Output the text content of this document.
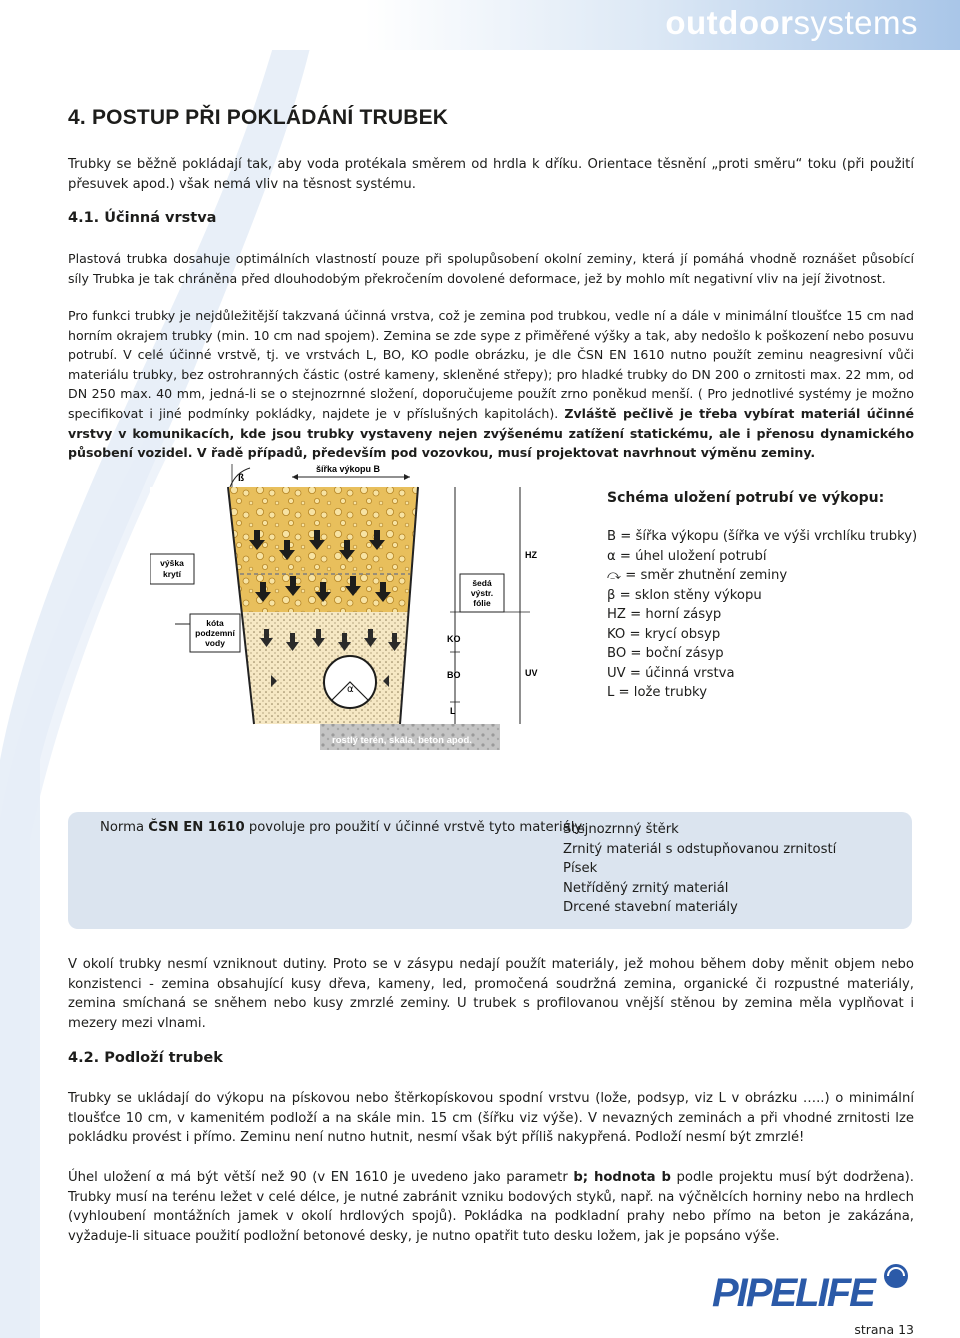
outdoorsystems
4. POSTUP PŘI POKLÁDÁNÍ TRUBEK
Trubky se běžně pokládají tak, aby voda protékala směrem od hrdla k dříku. Orientace těsnění „proti směru“ toku (při použití přesuvek apod.) však nemá vliv na těsnost systému.
4.1. Účinná vrstva
Plastová trubka dosahuje optimálních vlastností pouze při spolupůsobení okolní zeminy, která jí pomáhá vhodně roznášet působící síly Trubka je tak chráněna před dlouhodobým překročením dovolené deformace, jež by mohlo mít negativní vliv na její životnost.
Pro funkci trubky je nejdůležitější takzvaná účinná vrstva, což je zemina pod trubkou, vedle ní a dále v minimální tloušťce 15 cm nad horním okrajem trubky (min. 10 cm nad spojem). Zemina se zde sype z přiměřené výšky a tak, aby nedošlo k poškození nebo posuvu potrubí. V celé účinné vrstvě, tj. ve vrstvách L, BO, KO podle obrázku, je dle ČSN EN 1610 nutno použít zeminu neagresivní vůči materiálu trubky, bez ostrohranných částic (ostré kameny, skleněné střepy); pro hladké trubky do DN 200 o zrnitosti max. 22 mm, od DN 250 max. 40 mm, jedná-li se o stejnozrnné složení, doporučujeme použít zrno poněkud menší. ( Pro jednotlivé systémy je možno specifikovat i jiné podmínky pokládky, najdete je v příslušných kapitolách). Zvláště pečlivě je třeba vybírat materiál účinné vrstvy v komunikacích, kde jsou trubky vystaveny nejen zvýšenému zatížení statickému, ale i přenosu dynamického působení vozidel. V řadě případů, především pod vozovkou, musí projektovat navrhnout výměnu zeminy.
α
šířka výkopu B
ß
výška
krytí
kóta
podzemní
vody
šedá
výstr.
fólie
HZ
KO
BO	UV
L
rostlý terén, skála, beton apod.
Schéma uložení potrubí ve výkopu:
B = šířka výkopu (šířka ve výši vrchlíku trubky)
α = úhel uložení potrubí
⤼ = směr zhutnění zeminy
β = sklon stěny výkopu
HZ = horní zásyp
KO = krycí obsyp
BO = boční zásyp
UV = účinná vrstva
L = lože trubky
Norma ČSN EN 1610 povoluje pro použití v účinné vrstvě tyto materiály:
Stejnozrnný štěrk
Zrnitý materiál s odstupňovanou zrnitostí
Písek
Netříděný zrnitý materiál
Drcené stavební materiály
V okolí trubky nesmí vzniknout dutiny. Proto se v zásypu nedají použít materiály, jež mohou během doby měnit objem nebo konzistenci - zemina obsahující kusy dřeva, kameny, led, promočená soudržná zemina, organické či rozpustné materiály, zemina smíchaná se sněhem nebo kusy zmrzlé zeminy. U trubek s profilovanou vnější stěnou by zemina měla vyplňovat i mezery mezi vlnami.
4.2. Podloží trubek
Trubky se ukládají do výkopu na pískovou nebo štěrkopískovou spodní vrstvu (lože, podsyp, viz L v obrázku …..) o minimální tloušťce 10 cm, v kamenitém podloží a na skále min. 15 cm (šířku viz výše). V nevazných zeminách a při vhodné zrnitosti lze pokládku provést i přímo. Zeminu není nutno hutnit, nesmí však být příliš nakypřená. Podloží nesmí být zmrzlé!
Úhel uložení α má být větší než 90 (v EN 1610 je uvedeno jako parametr b; hodnota b podle projektu musí být dodržena). Trubky musí na terénu ležet v celé délce, je nutné zabránit vzniku bodových styků, např. na výčnělcích horniny nebo na hrdlech (vyhloubení montážních jamek v okolí hrdlových spojů). Pokládka na podkladní prahy nebo přímo na beton je zakázána, vyžaduje-li situace použití podložní betonové desky, je nutno opatřit tuto desku ložem, jak je popsáno výše.
PIPELIFE
strana 13
